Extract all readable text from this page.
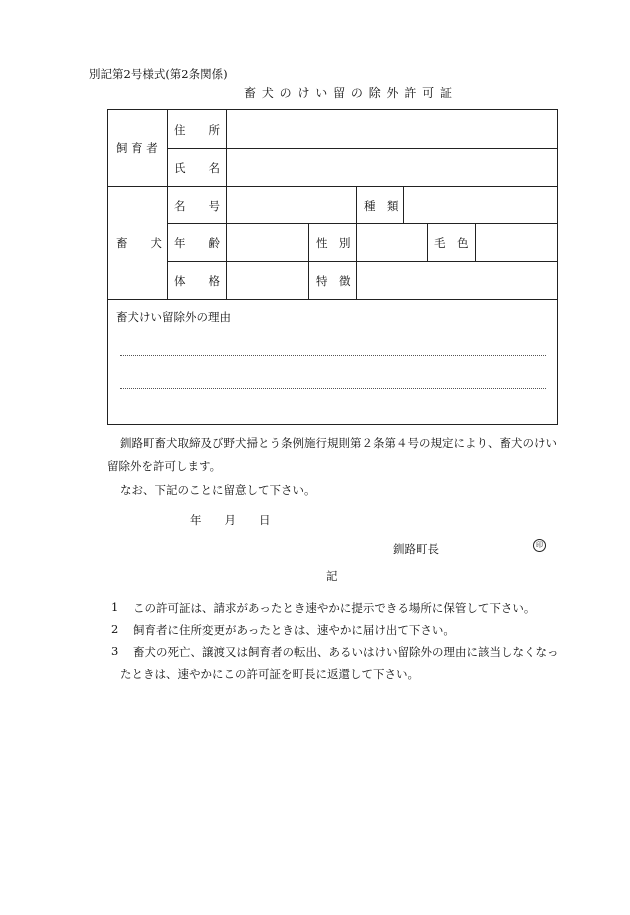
別記第2号様式(第2条関係)
畜 犬 の け い 留 の 除 外 許 可 証
飼 育 者
住　　所
氏　　名
畜　　犬
名　　号	種　類
年　　齢	性　別	毛　色
体　　格	特　徴
畜犬けい留除外の理由
釧路町畜犬取締及び野犬掃とう条例施行規則第２条第４号の規定により、畜犬のけい
留除外を許可します。
なお、下記のことに留意して下さい。
年　　月　　日
釧路町長	印
記
1 この許可証は、請求があったとき速やかに提示できる場所に保管して下さい。
2 飼育者に住所変更があったときは、速やかに届け出て下さい。
3 畜犬の死亡、譲渡又は飼育者の転出、あるいはけい留除外の理由に該当しなくなっ
たときは、速やかにこの許可証を町長に返還して下さい。
